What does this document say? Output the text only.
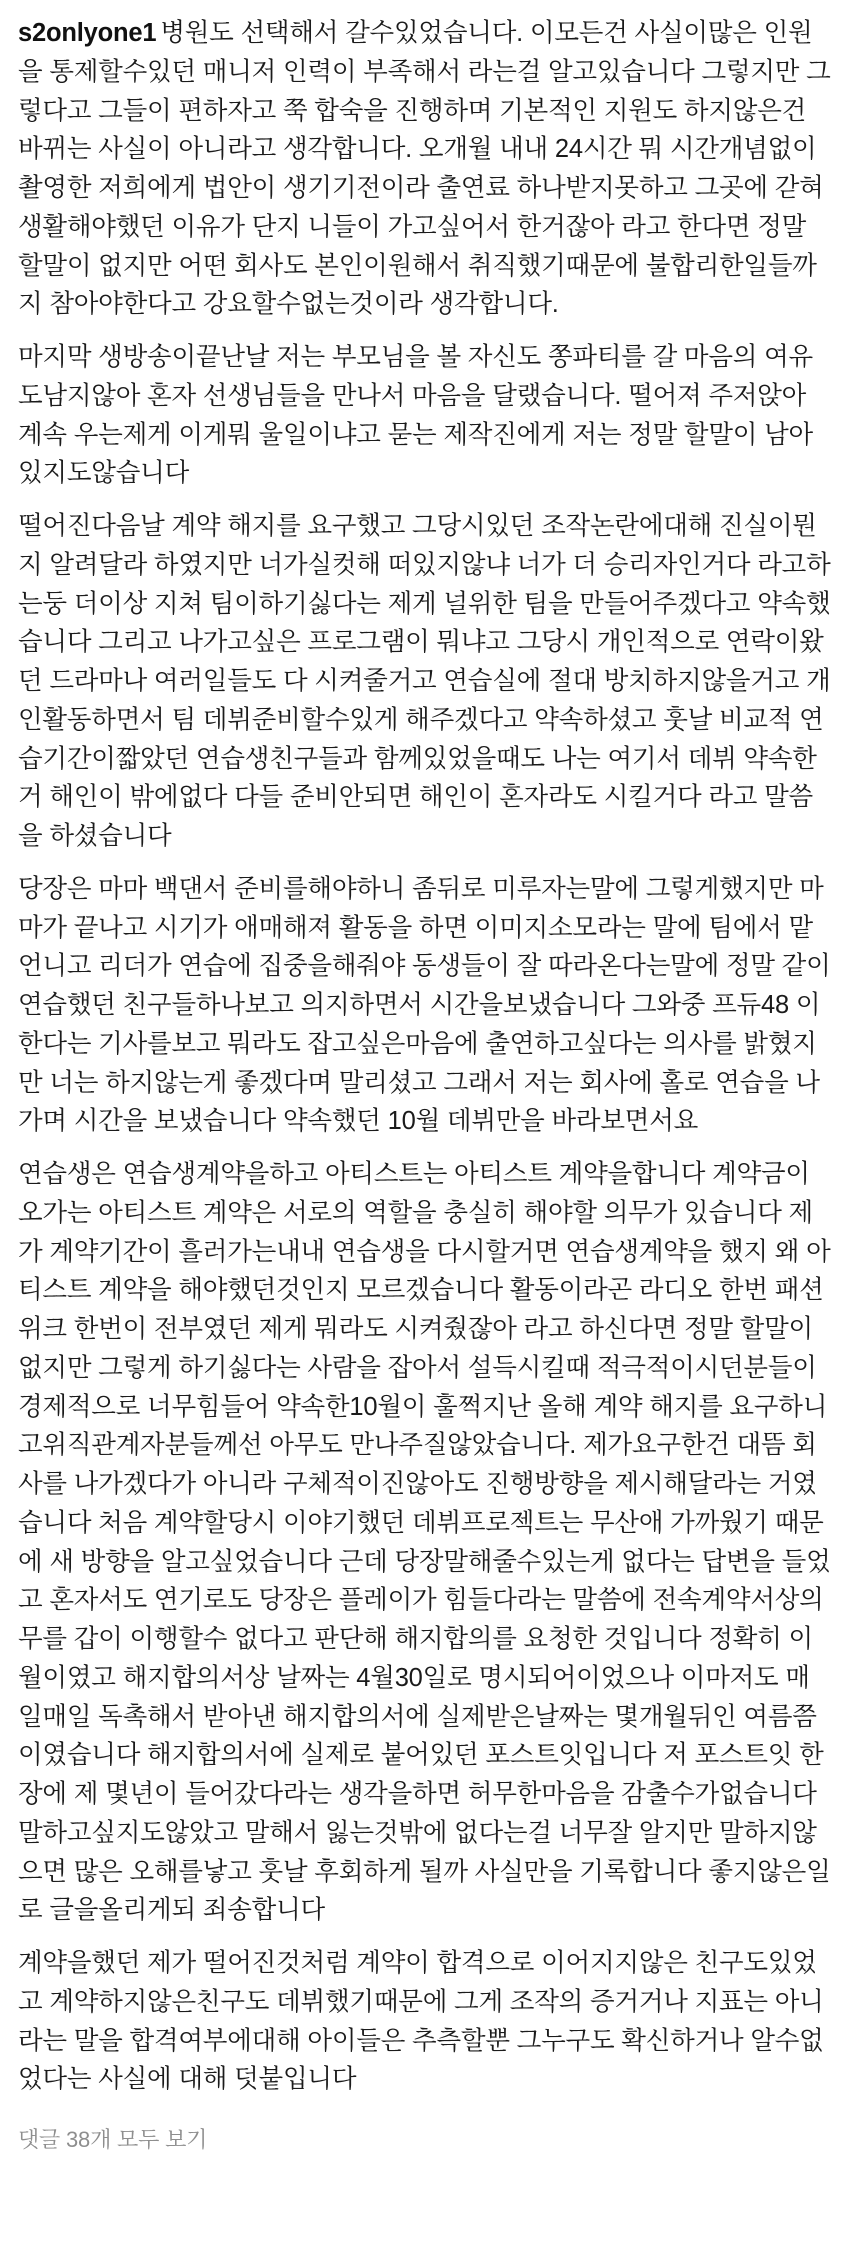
s2onlyone1 병원도 선택해서 갈수있었습니다. 이모든건 사실이많은 인원을 통제할수있던 매니저 인력이 부족해서 라는걸 알고있습니다 그렇지만 그렇다고 그들이 편하자고 쭉 합숙을 진행하며 기본적인 지원도 하지않은건 바뀌는 사실이 아니라고 생각합니다. 오개월 내내 24시간 뭐 시간개념없이 촬영한 저희에게 법안이 생기기전이라 출연료 하나받지못하고 그곳에 갇혀 생활해야했던 이유가 단지 니들이 가고싶어서 한거잖아 라고 한다면 정말 할말이 없지만 어떤 회사도 본인이원해서 취직했기때문에 불합리한일들까지 참아야한다고 강요할수없는것이라 생각합니다.

마지막 생방송이끝난날 저는 부모님을 볼 자신도 쫑파티를 갈 마음의 여유도남지않아 혼자 선생님들을 만나서 마음을 달랬습니다. 떨어져 주저앉아 계속 우는제게 이게뭐 울일이냐고 묻는 제작진에게 저는 정말 할말이 남아있지도않습니다

떨어진다음날 계약 해지를 요구했고 그당시있던 조작논란에대해 진실이뭔지 알려달라 하였지만 너가실컷해 떠있지않냐 너가 더 승리자인거다 라고하는둥 더이상 지쳐 팀이하기싫다는 제게 널위한 팀을 만들어주겠다고 약속했습니다 그리고 나가고싶은 프로그램이 뭐냐고 그당시 개인적으로 연락이왔던 드라마나 여러일들도 다 시켜줄거고 연습실에 절대 방치하지않을거고 개인활동하면서 팀 데뷔준비할수있게 해주겠다고 약속하셨고 훗날 비교적 연습기간이짧았던 연습생친구들과 함께있었을때도 나는 여기서 데뷔 약속한거 해인이 밖에없다 다들 준비안되면 해인이 혼자라도 시킬거다 라고 말씀을 하셨습니다

당장은 마마 백댄서 준비를해야하니 좀뒤로 미루자는말에 그렇게했지만 마마가 끝나고 시기가 애매해져 활동을 하면 이미지소모라는 말에 팀에서 맡언니고 리더가 연습에 집중을해줘야 동생들이 잘 따라온다는말에 정말 같이연습했던 친구들하나보고 의지하면서 시간을보냈습니다 그와중 프듀48 이 한다는 기사를보고 뭐라도 잡고싶은마음에 출연하고싶다는 의사를 밝혔지만 너는 하지않는게 좋겠다며 말리셨고 그래서 저는 회사에 홀로 연습을 나가며 시간을 보냈습니다 약속했던 10월 데뷔만을 바라보면서요

연습생은 연습생계약을하고 아티스트는 아티스트 계약을합니다 계약금이 오가는 아티스트 계약은 서로의 역할을 충실히 해야할 의무가 있습니다 제가 계약기간이 흘러가는내내 연습생을 다시할거면 연습생계약을 했지 왜 아티스트 계약을 해야했던것인지 모르겠습니다 활동이라곤 라디오 한번 패션위크 한번이 전부였던 제게 뭐라도 시켜줬잖아 라고 하신다면 정말 할말이없지만 그렇게 하기싫다는 사람을 잡아서 설득시킬때 적극적이시던분들이 경제적으로 너무힘들어 약속한10월이 훌쩍지난 올해 계약 해지를 요구하니 고위직관계자분들께선 아무도 만나주질않았습니다. 제가요구한건 대뜸 회사를 나가겠다가 아니라 구체적이진않아도 진행방향을 제시해달라는 거였습니다 처음 계약할당시 이야기했던 데뷔프로젝트는 무산애 가까웠기 때문에 새 방향을 알고싶었습니다 근데 당장말해줄수있는게 없다는 답변을 들었고 혼자서도 연기로도 당장은 플레이가 힘들다라는 말씀에 전속계약서상의무를 갑이 이행할수 없다고 판단해 해지합의를 요청한 것입니다 정확히 이월이였고 해지합의서상 날짜는 4월30일로 명시되어이었으나 이마저도 매일매일 독촉해서 받아낸 해지합의서에 실제받은날짜는 몇개월뒤인 여름쯤이였습니다 해지합의서에 실제로 붙어있던 포스트잇입니다 저 포스트잇 한장에 제 몇년이 들어갔다라는 생각을하면 허무한마음을 감출수가없습니다 말하고싶지도않았고 말해서 잃는것밖에 없다는걸 너무잘 알지만 말하지않으면 많은 오해를낳고 훗날 후회하게 될까 사실만을 기록합니다 좋지않은일로 글을올리게되 죄송합니다

계약을했던 제가 떨어진것처럼 계약이 합격으로 이어지지않은 친구도있었고 계약하지않은친구도 데뷔했기때문에 그게 조작의 증거거나 지표는 아니라는 말을 합격여부에대해 아이들은 추측할뿐 그누구도 확신하거나 알수없었다는 사실에 대해 덧붙입니다

댓글 38개 모두 보기
